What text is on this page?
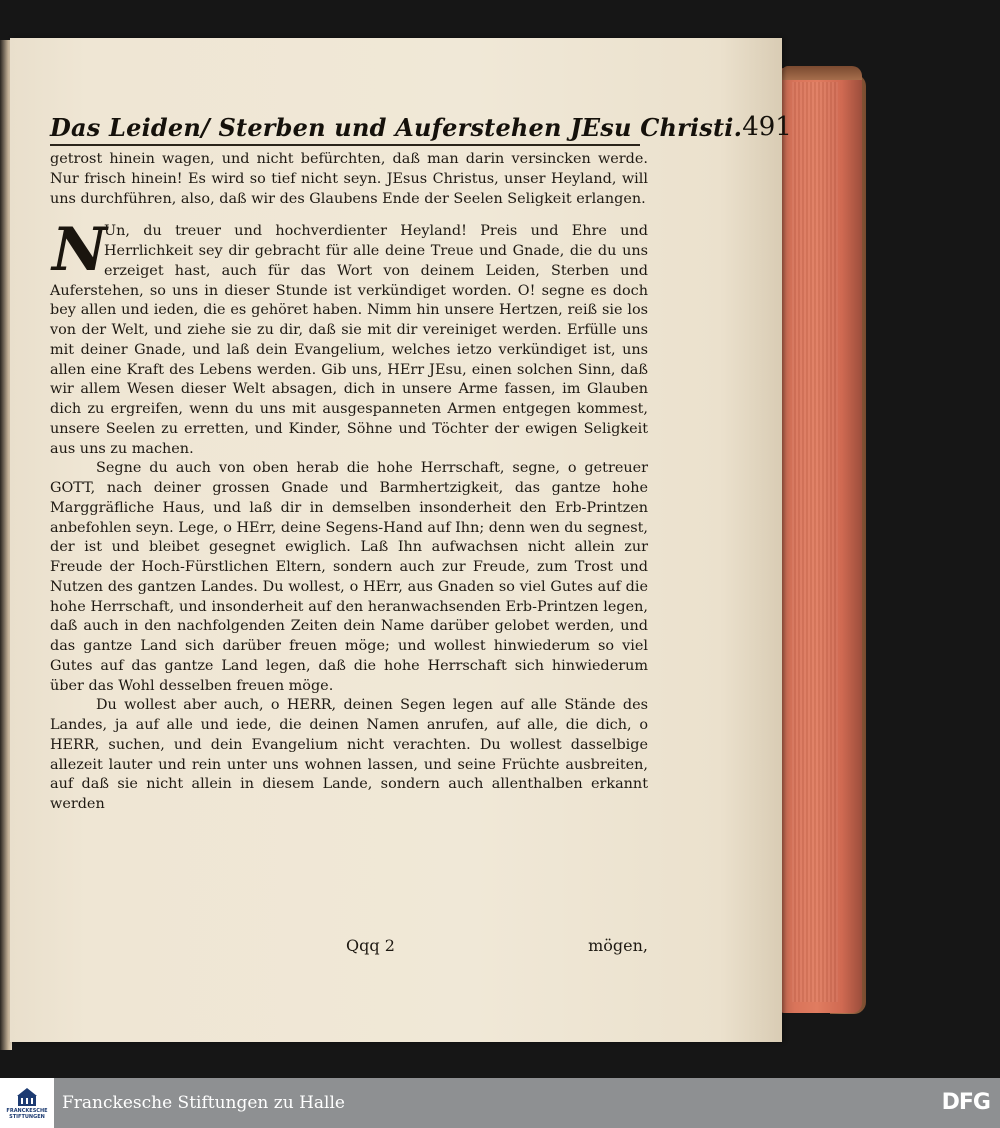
Das Leiden/ Sterben und Auferstehen JEsu Christi. 491

getrost hinein wagen, und nicht befürchten, daß man darin versincken werde. Nur frisch hinein! Es wird so tief nicht seyn. JEsus Christus, unser Heyland, will uns durchführen, also, daß wir des Glaubens Ende der Seelen Seligkeit erlangen.

N
Un, du treuer und hochverdienter Heyland! Preis und Ehre und Herrlichkeit sey dir gebracht für alle deine Treue und Gnade, die du uns erzeiget hast, auch für das Wort von deinem Leiden, Sterben und Auferstehen, so uns in dieser Stunde ist verkündiget worden. O! segne es doch bey allen und ieden, die es gehöret haben. Nimm hin unsere Hertzen, reiß sie los von der Welt, und ziehe sie zu dir, daß sie mit dir vereiniget werden. Erfülle uns mit deiner Gnade, und laß dein Evangelium, welches ietzo verkündiget ist, uns allen eine Kraft des Lebens werden. Gib uns, HErr JEsu, einen solchen Sinn, daß wir allem Wesen dieser Welt absagen, dich in unsere Arme fassen, im Glauben dich zu ergreifen, wenn du uns mit ausgespanneten Armen entgegen kommest, unsere Seelen zu erretten, und Kinder, Söhne und Töchter der ewigen Seligkeit aus uns zu machen.

Segne du auch von oben herab die hohe Herrschaft, segne, o getreuer GOTT, nach deiner grossen Gnade und Barmhertzigkeit, das gantze hohe Marggräfliche Haus, und laß dir in demselben insonderheit den Erb-Printzen anbefohlen seyn. Lege, o HErr, deine Segens-Hand auf Ihn; denn wen du segnest, der ist und bleibet gesegnet ewiglich. Laß Ihn aufwachsen nicht allein zur Freude der Hoch-Fürstlichen Eltern, sondern auch zur Freude, zum Trost und Nutzen des gantzen Landes. Du wollest, o HErr, aus Gnaden so viel Gutes auf die hohe Herrschaft, und insonderheit auf den heranwachsenden Erb-Printzen legen, daß auch in den nachfolgenden Zeiten dein Name darüber gelobet werden, und das gantze Land sich darüber freuen möge; und wollest hinwiederum so viel Gutes auf das gantze Land legen, daß die hohe Herrschaft sich hinwiederum über das Wohl desselben freuen möge.

Du wollest aber auch, o HERR, deinen Segen legen auf alle Stände des Landes, ja auf alle und iede, die deinen Namen anrufen, auf alle, die dich, o HERR, suchen, und dein Evangelium nicht verachten. Du wollest dasselbige allezeit lauter und rein unter uns wohnen lassen, und seine Früchte ausbreiten, auf daß sie nicht allein in diesem Lande, sondern auch allenthalben erkannt werden

Qqq 2	mögen,
FRANCKESCHE STIFTUNGEN
Franckesche Stiftungen zu Halle	DFG
